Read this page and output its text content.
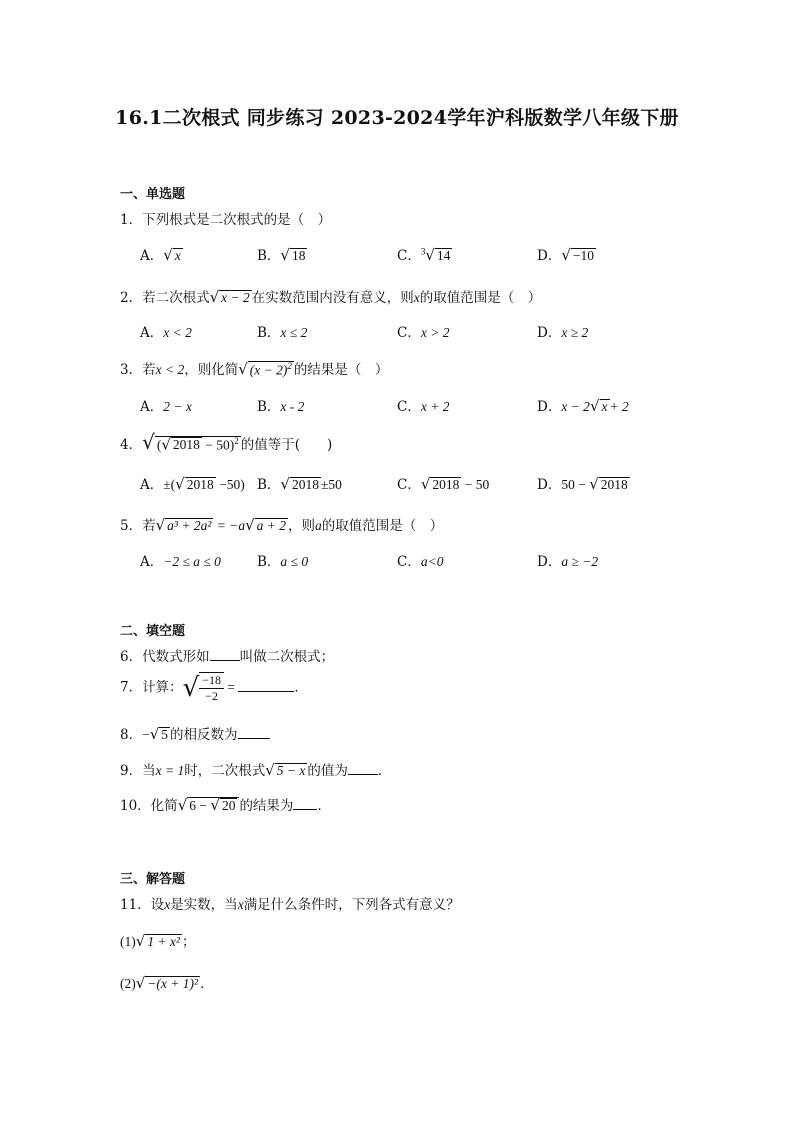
16.1二次根式 同步练习 2023-2024学年沪科版数学八年级下册
一、单选题
1．下列根式是二次根式的是（　）
A．√ x	B．√ 18	C．$^3$√ 14	D．√ −10
2．若二次根式√ x − 2 在实数范围内没有意义，则x的取值范围是（　）
A．x < 2	B．x ≤ 2	C．x > 2	D．x ≥ 2
3．若x < 2，则化简√ $(x - 2)^2$ 的结果是（　）
A．2 − x	B．x - 2	C．x + 2	D．x − 2√ x + 2
4．√ (√ 2018 − 50)$^2$ 的值等于(　　)
A．±(√ 2018 −50) B．√ 2018 ±50	C．√ 2018 − 50	D．50 − √ 2018
5．若√ a³ + 2a² = −a√ a + 2 ，则a的取值范围是（　）
A．−2 ≤ a ≤ 0	B．a ≤ 0	C．a<0	D．a ≥ −2
二、填空题
6．代数式形如 叫做二次根式；
7．计算：√ $\frac{-18}{-2}$ =	．
8．−√ 5 的相反数为
9．当x = 1时，二次根式√ 5 − x 的值为 ．
10．化简√ 6 − √ 20 的结果为 ．
三、解答题
11．设x是实数，当x满足什么条件时，下列各式有意义？
(1)√ 1 + x² ；
(2)√ −(x + 1)² ．
